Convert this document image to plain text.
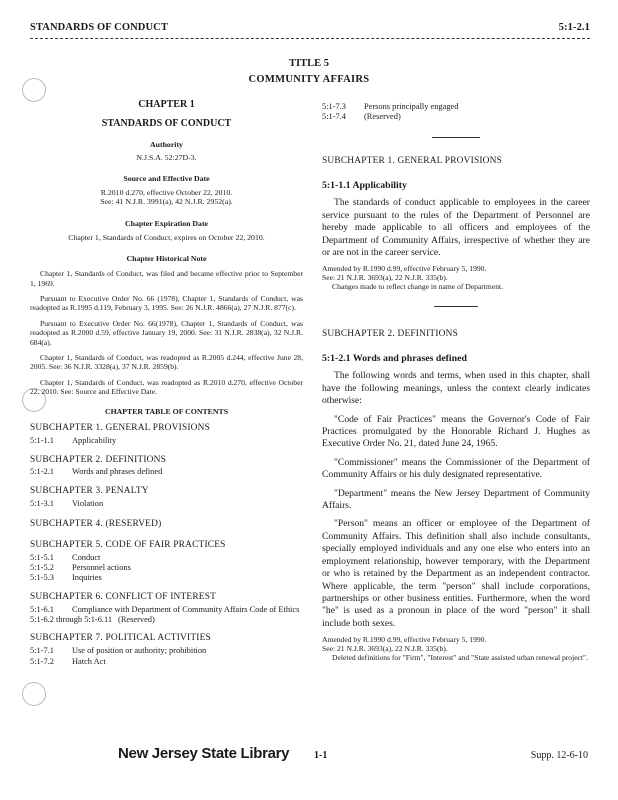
STANDARDS OF CONDUCT	5:1-2.1
TITLE 5
COMMUNITY AFFAIRS

CHAPTER 1

STANDARDS OF CONDUCT

Authority

N.J.S.A. 52:27D-3.

Source and Effective Date

R.2010 d.270, effective October 22, 2010.

See: 41 N.J.R. 3991(a), 42 N.J.R. 2952(a).

Chapter Expiration Date

Chapter 1, Standards of Conduct, expires on October 22, 2010.

Chapter Historical Note

Chapter 1, Standards of Conduct, was filed and became effective prior to September 1, 1969.

Pursuant to Executive Order No. 66 (1978), Chapter 1, Standards of Conduct, was readopted as R.1995 d.119, February 3, 1995. See: 26 N.J.R. 4866(a), 27 N.J.R. 877(c).

Pursuant to Executive Order No. 66(1978), Chapter 1, Standards of Conduct, was readopted as R.2000 d.59, effective January 19, 2000. See: 31 N.J.R. 2838(a), 32 N.J.R. 684(a).

Chapter 1, Standards of Conduct, was readopted as R.2005 d.244, effective June 28, 2005. See: 36 N.J.R. 3328(a), 37 N.J.R. 2859(b).

Chapter 1, Standards of Conduct, was readopted as R.2010 d.270, effective October 22, 2010. See: Source and Effective Date.

CHAPTER TABLE OF CONTENTS

SUBCHAPTER 1. GENERAL PROVISIONS

5:1-1.1	Applicability

SUBCHAPTER 2. DEFINITIONS

5:1-2.1	Words and phrases defined

SUBCHAPTER 3. PENALTY

5:1-3.1	Violation

SUBCHAPTER 4. (RESERVED)

SUBCHAPTER 5. CODE OF FAIR PRACTICES

5:1-5.1	Conduct
5:1-5.2	Personnel actions
5:1-5.3	Inquiries

SUBCHAPTER 6. CONFLICT OF INTEREST

5:1-6.1	Compliance with Department of Community Affairs Code of Ethics
5:1-6.2 through 5:1-6.11 (Reserved)

SUBCHAPTER 7. POLITICAL ACTIVITIES

5:1-7.1	Use of position or authority; prohibition
5:1-7.2	Hatch Act
5:1-7.3	Persons principally engaged
5:1-7.4	(Reserved)

SUBCHAPTER 1. GENERAL PROVISIONS

5:1-1.1 Applicability

The standards of conduct applicable to employees in the career service pursuant to the rules of the Department of Personnel are hereby made applicable to all officers and employees of the Department of Community Affairs, irrespective of whether they are or are not in the career service.

Amended by R.1990 d.99, effective February 5, 1990.

See: 21 N.J.R. 3693(a), 22 N.J.R. 335(b).

Changes made to reflect change in name of Department.

SUBCHAPTER 2. DEFINITIONS

5:1-2.1 Words and phrases defined

The following words and terms, when used in this chapter, shall have the following meanings, unless the context clearly indicates otherwise:

"Code of Fair Practices" means the Governor's Code of Fair Practices promulgated by the Honorable Richard J. Hughes as Executive Order No. 21, dated June 24, 1965.

"Commissioner" means the Commissioner of the Department of Community Affairs or his duly designated representative.

"Department" means the New Jersey Department of Community Affairs.

"Person" means an officer or employee of the Department of Community Affairs. This definition shall also include consultants, specially employed individuals and any one else who enters into an employment relationship, however temporary, with the Department or who is retained by the Department as an independent contractor. Where applicable, the term "person" shall include corporations, partnerships or other business entities. Furthermore, when the word "he" is used as a pronoun in place of the word "person" it shall include both sexes.

Amended by R.1990 d.99, effective February 5, 1990.

See: 21 N.J.R. 3693(a), 22 N.J.R. 335(b).

Deleted definitions for "Firm", "Interest" and "State assisted urban renewal project".

New Jersey State Library 1-1	Supp. 12-6-10
